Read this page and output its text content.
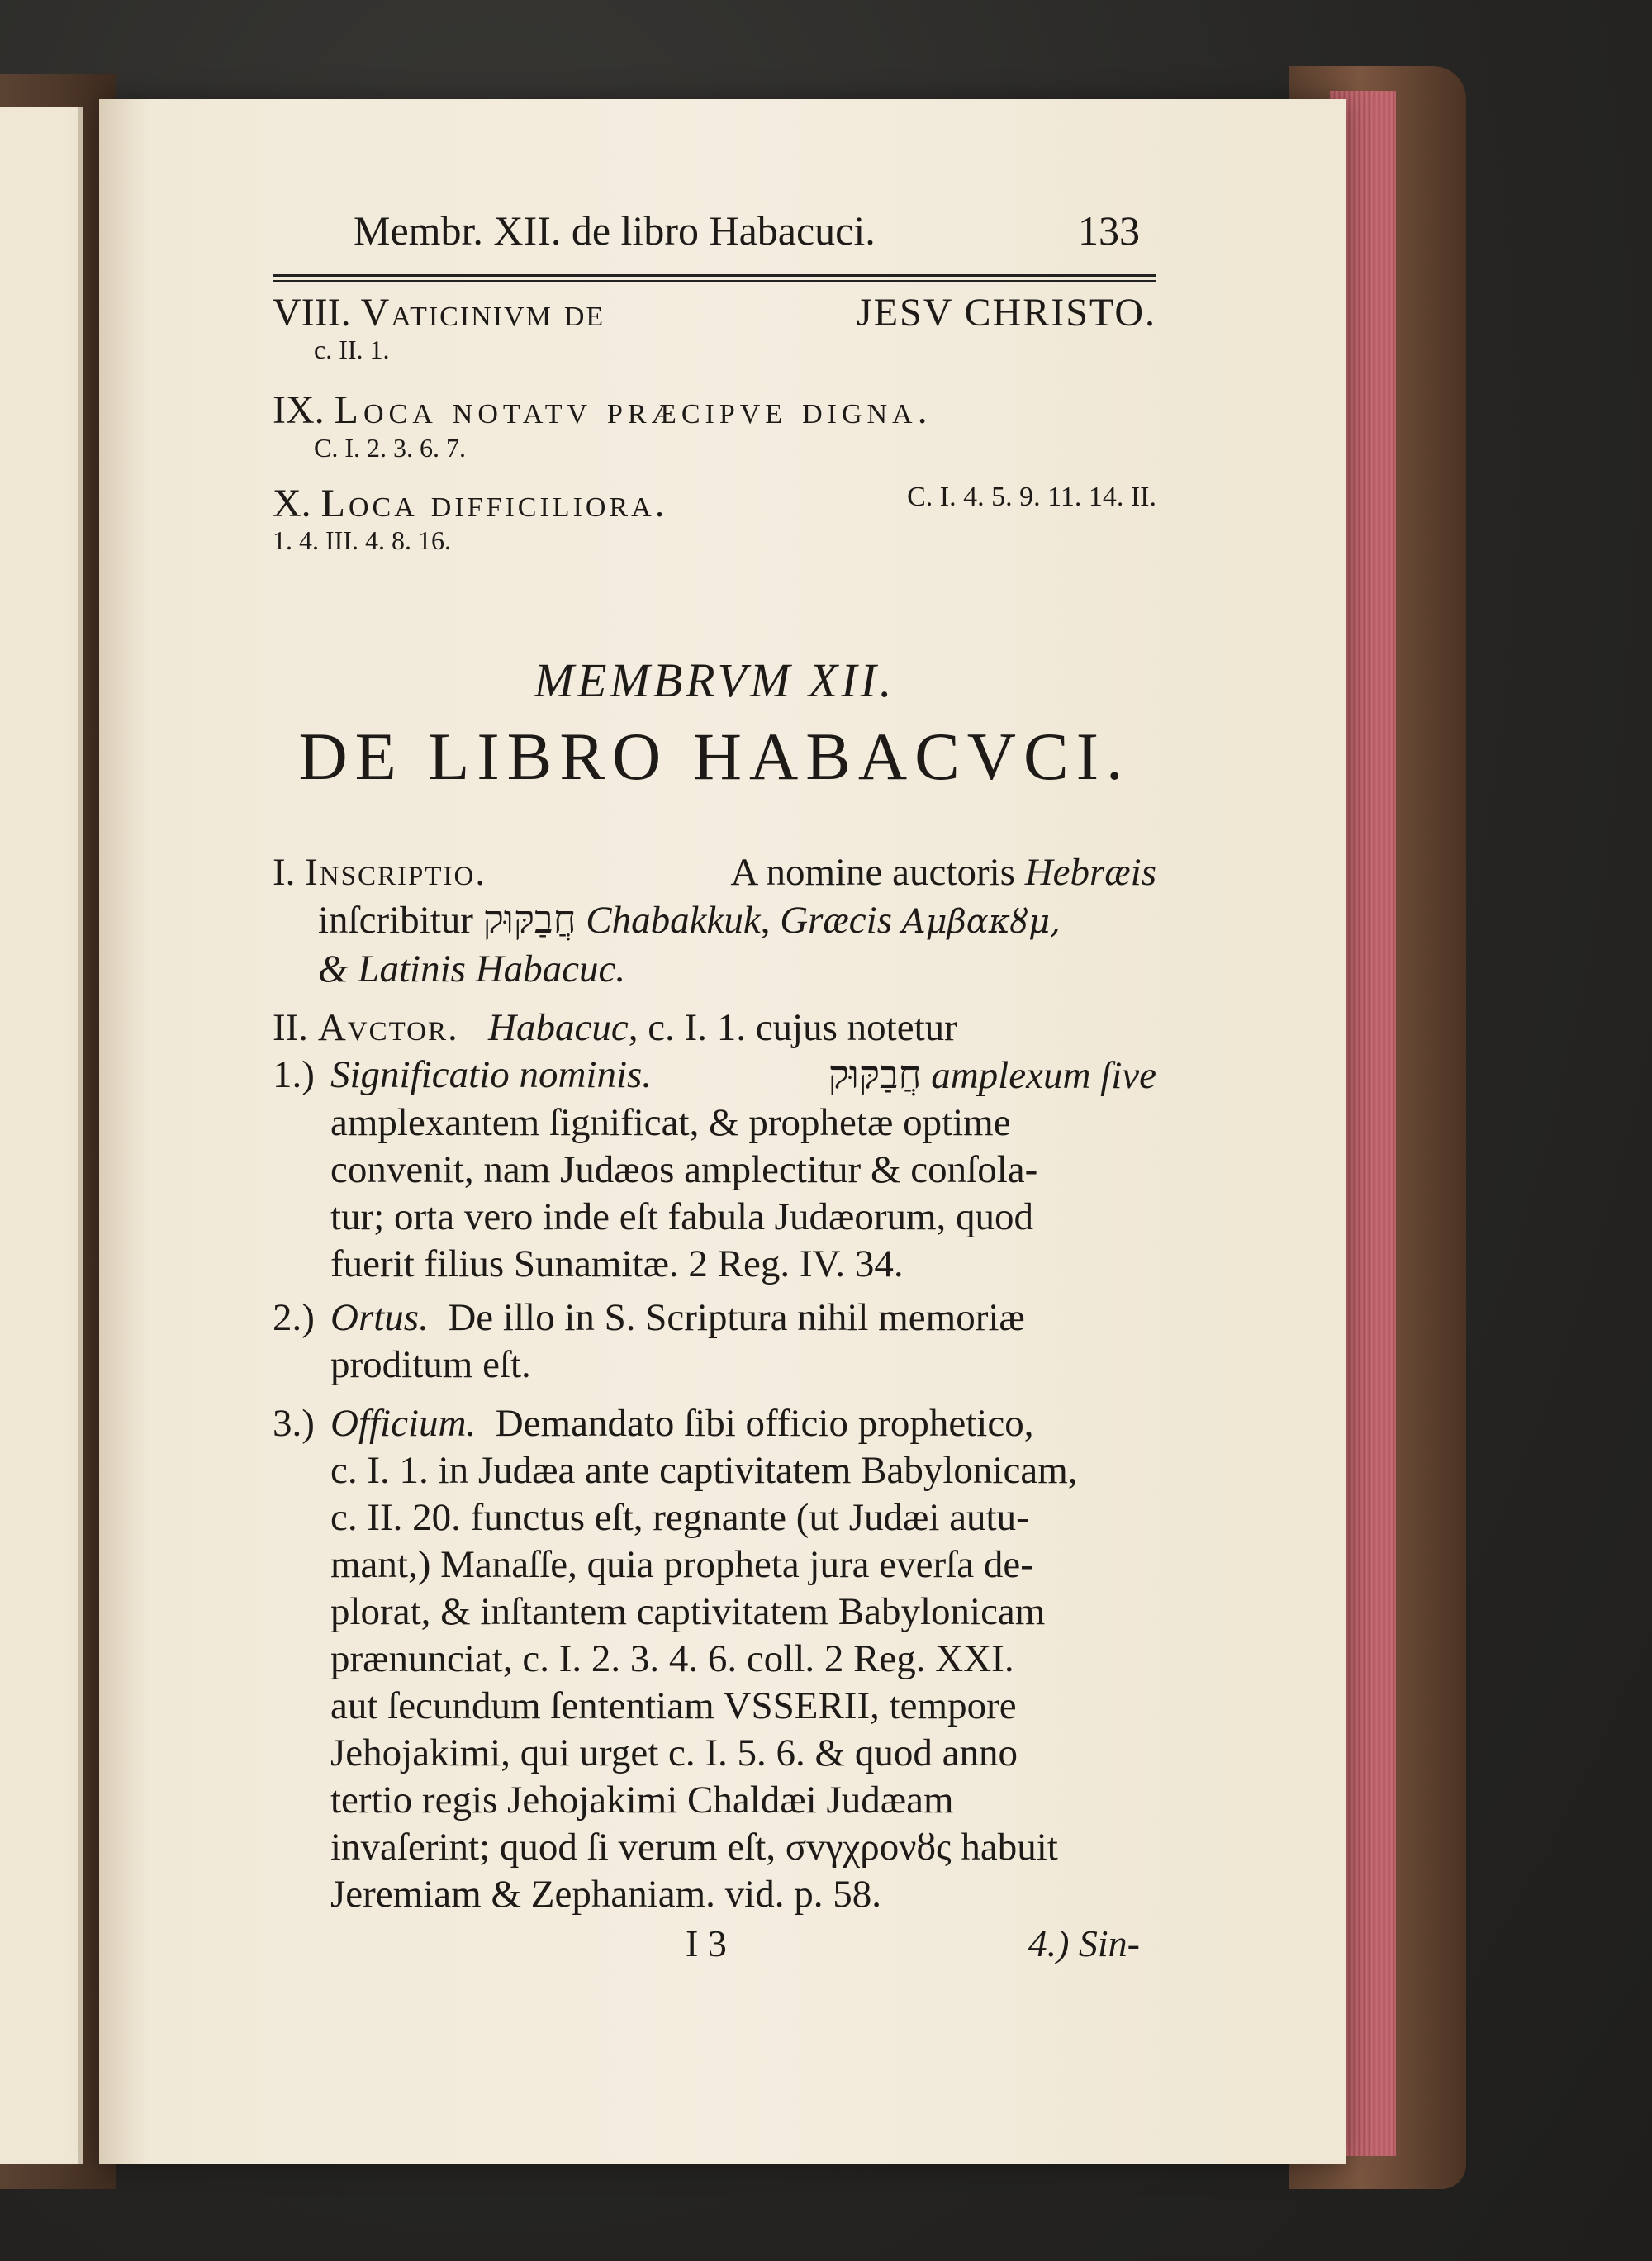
Membr. XII. de libro Habacuci.	133
VIII. Vaticinivm de	JESV CHRISTO.
c. II. 1.
IX. Loca notatv præcipve digna.
C. I. 2. 3. 6. 7.
X. Loca difficiliora.	C. I. 4. 5. 9. 11. 14. II.
1. 4. III. 4. 8. 16.
MEMBRVM XII.
DE LIBRO HABACVCI.

I. Inscriptio.	A nomine auctoris Hebræis

inſcribitur חֲבַקּוּק Chabakkuk, Græcis Αμβακȣμ,

& Latinis Habacuc.

II. Avctor. Habacuc, c. I. 1. cujus notetur

1.) Significatio nominis.	חֲבַקּוּק amplexum ſive

amplexantem ſignificat, & prophetæ optime

convenit, nam Judæos amplectitur & conſola-

tur; orta vero inde eſt fabula Judæorum, quod

fuerit filius Sunamitæ. 2 Reg. IV. 34.

2.) Ortus. De illo in S. Scriptura nihil memoriæ

proditum eſt.

3.) Officium. Demandato ſibi officio prophetico,

c. I. 1. in Judæa ante captivitatem Babylonicam,

c. II. 20. functus eſt, regnante (ut Judæi autu-

mant,) Manaſſe, quia propheta jura everſa de-

plorat, & inſtantem captivitatem Babylonicam

prænunciat, c. I. 2. 3. 4. 6. coll. 2 Reg. XXI.

aut ſecundum ſententiam VSSERII, tempore

Jehojakimi, qui urget c. I. 5. 6. & quod anno

tertio regis Jehojakimi Chaldæi Judæam

invaſerint; quod ſi verum eſt, σvγχρονȣς habuit

Jeremiam & Zephaniam. vid. p. 58.

I 3	4.) Sin-
